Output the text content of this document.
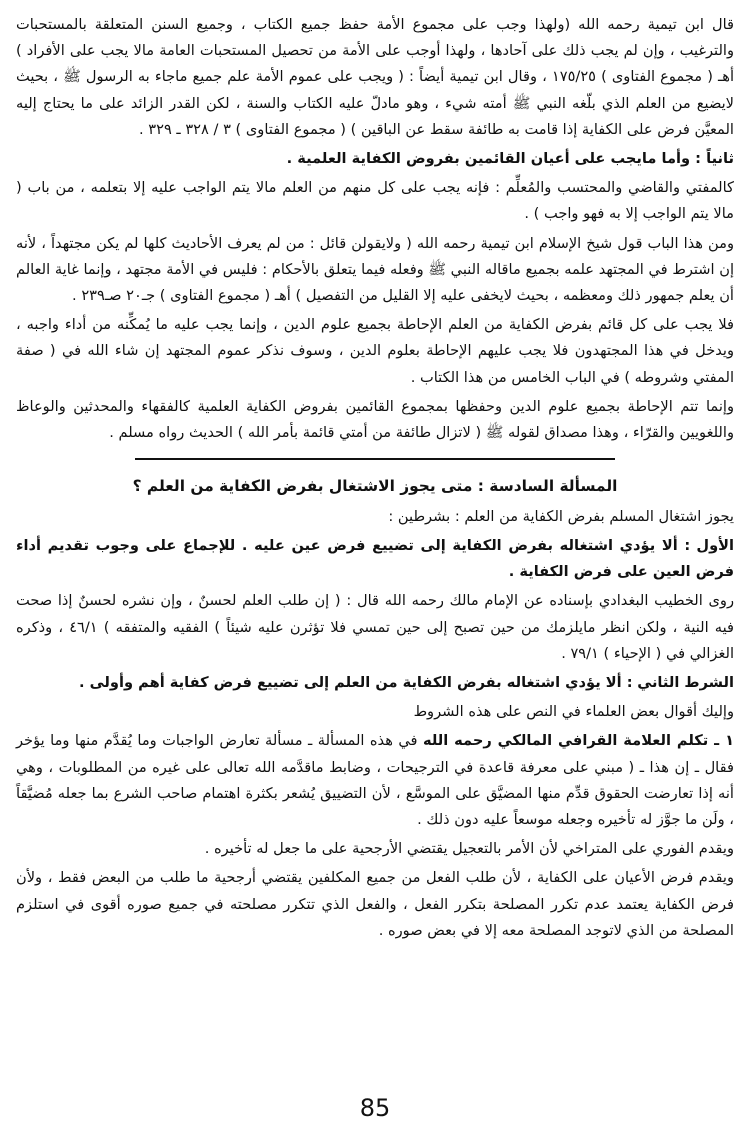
قال ابن تيمية رحمه الله (ولهذا وجب على مجموع الأمة حفظ جميع الكتاب ، وجميع السنن المتعلقة بالمستحبات والترغيب ، وإن لم يجب ذلك على آحادها ، ولهذا أوجب على الأمة من تحصيل المستحبات العامة مالا يجب على الأفراد ) أهـ ( مجموع الفتاوى ) ١٧٥/٢٥ ، وقال ابن تيمية أيضاً : ( ويجب على عموم الأمة علم جميع ماجاء به الرسول ﷺ ، بحيث لايضيع من العلم الذي بلّغه النبي ﷺ أمته شيء ، وهو مادلّ عليه الكتاب والسنة ، لكن القدر الزائد على ما يحتاج إليه المعيَّن فرض على الكفاية إذا قامت به طائفة سقط عن الباقين ) ( مجموع الفتاوى ) ٣ / ٣٢٨ ـ ٣٢٩ .

ثانياً : وأما مايجب على أعيان القائمين بفروض الكفاية العلمية .

كالمفتي والقاضي والمحتسب والمُعلِّم : فإنه يجب على كل منهم من العلم مالا يتم الواجب عليه إلا بتعلمه ، من باب ( مالا يتم الواجب إلا به فهو واجب ) .

ومن هذا الباب قول شيخ الإسلام ابن تيمية رحمه الله ( ولايقولن قائل : من لم يعرف الأحاديث كلها لم يكن مجتهداً ، لأنه إن اشترط في المجتهد علمه بجميع ماقاله النبي ﷺ وفعله فيما يتعلق بالأحكام : فليس في الأمة مجتهد ، وإنما غاية العالم أن يعلم جمهور ذلك ومعظمه ، بحيث لايخفى عليه إلا القليل من التفصيل ) أهـ ( مجموع الفتاوى ) جـ٢٠ صـ٢٣٩ .

فلا يجب على كل قائم بفرض الكفاية من العلم الإحاطة بجميع علوم الدين ، وإنما يجب عليه ما يُمكِّنه من أداء واجبه ، ويدخل في هذا المجتهدون فلا يجب عليهم الإحاطة بعلوم الدين ، وسوف نذكر عموم المجتهد إن شاء الله في ( صفة المفتي وشروطه ) في الباب الخامس من هذا الكتاب .

وإنما تتم الإحاطة بجميع علوم الدين وحفظها بمجموع القائمين بفروض الكفاية العلمية كالفقهاء والمحدثين والوعاظ واللغويين والقرّاء ، وهذا مصداق لقوله ﷺ ( لاتزال طائفة من أمتي قائمة بأمر الله ) الحديث رواه مسلم .

المسألة السادسة : متى يجوز الاشتغال بفرض الكفاية من العلم ؟

يجوز اشتغال المسلم بفرض الكفاية من العلم : بشرطين :

الأول : ألا يؤدي اشتغاله بفرض الكفاية إلى تضييع فرض عين عليه . للإجماع على وجوب تقديم أداء فرض العين على فرض الكفاية .

روى الخطيب البغدادي بإسناده عن الإمام مالك رحمه الله قال : ( إن طلب العلم لحسنٌ ، وإن نشره لحسنٌ إذا صحت فيه النية ، ولكن انظر مايلزمك من حين تصبح إلى حين تمسي فلا تؤثرن عليه شيئاً ) الفقيه والمتفقه ) ٤٦/١ ، وذكره الغزالي في ( الإحياء ) ٧٩/١ .

الشرط الثاني : ألا يؤدي اشتغاله بفرض الكفاية من العلم إلى تضييع فرض كفاية أهم وأولى .

وإليك أقوال بعض العلماء في النص على هذه الشروط

١ ـ تكلم العلامة القرافي المالكي رحمه الله في هذه المسألة ـ مسألة تعارض الواجبات وما يُقدَّم منها وما يؤخر فقال ـ إن هذا ـ ( مبني على معرفة قاعدة في الترجيحات ، وضابط ماقدَّمه الله تعالى على غيره من المطلوبات ، وهي أنه إذا تعارضت الحقوق قدِّم منها المضيَّق على الموسَّع ، لأن التضييق يُشعر بكثرة اهتمام صاحب الشرع بما جعله مُضيَّقاً ، ولَن ما جوَّز له تأخيره وجعله موسعاً عليه دون ذلك .

ويقدم الفوري على المتراخي لأن الأمر بالتعجيل يقتضي الأرجحية على ما جعل له تأخيره .

ويقدم فرض الأعيان على الكفاية ، لأن طلب الفعل من جميع المكلفين يقتضي أرجحية ما طلب من البعض فقط ، ولأن فرض الكفاية يعتمد عدم تكرر المصلحة بتكرر الفعل ، والفعل الذي تتكرر مصلحته في جميع صوره أقوى في استلزم المصلحة من الذي لاتوجد المصلحة معه إلا في بعض صوره .

85
